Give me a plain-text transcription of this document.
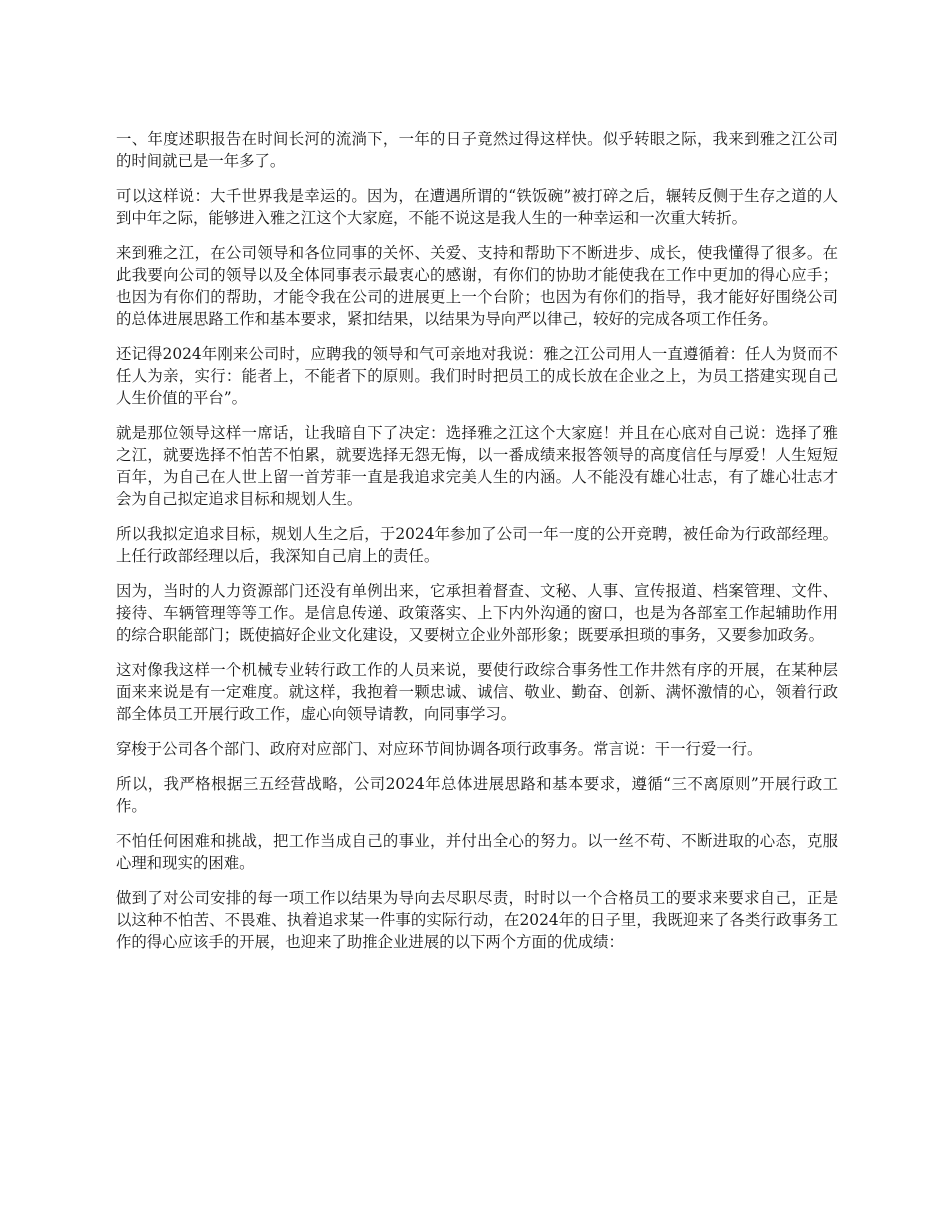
一、年度述职报告在时间长河的流淌下，一年的日子竟然过得这样快。似乎转眼之际，我来到雅之江公司的时间就已是一年多了。

可以这样说：大千世界我是幸运的。因为，在遭遇所谓的“铁饭碗”被打碎之后，辗转反侧于生存之道的人到中年之际，能够进入雅之江这个大家庭，不能不说这是我人生的一种幸运和一次重大转折。

来到雅之江，在公司领导和各位同事的关怀、关爱、支持和帮助下不断进步、成长，使我懂得了很多。在此我要向公司的领导以及全体同事表示最衷心的感谢，有你们的协助才能使我在工作中更加的得心应手；也因为有你们的帮助，才能令我在公司的进展更上一个台阶；也因为有你们的指导，我才能好好围绕公司的总体进展思路工作和基本要求，紧扣结果，以结果为导向严以律己，较好的完成各项工作任务。

还记得2024年刚来公司时，应聘我的领导和气可亲地对我说：雅之江公司用人一直遵循着：任人为贤而不任人为亲，实行：能者上，不能者下的原则。我们时时把员工的成长放在企业之上，为员工搭建实现自己人生价值的平台”。

就是那位领导这样一席话，让我暗自下了决定：选择雅之江这个大家庭！并且在心底对自己说：选择了雅之江，就要选择不怕苦不怕累，就要选择无怨无悔，以一番成绩来报答领导的高度信任与厚爱！人生短短百年，为自己在人世上留一首芳菲一直是我追求完美人生的内涵。人不能没有雄心壮志，有了雄心壮志才会为自己拟定追求目标和规划人生。

所以我拟定追求目标，规划人生之后，于2024年参加了公司一年一度的公开竞聘，被任命为行政部经理。上任行政部经理以后，我深知自己肩上的责任。

因为，当时的人力资源部门还没有单例出来，它承担着督查、文秘、人事、宣传报道、档案管理、文件、接待、车辆管理等等工作。是信息传递、政策落实、上下内外沟通的窗口，也是为各部室工作起辅助作用的综合职能部门；既使搞好企业文化建设，又要树立企业外部形象；既要承担琐的事务，又要参加政务。

这对像我这样一个机械专业转行政工作的人员来说，要使行政综合事务性工作井然有序的开展，在某种层面来来说是有一定难度。就这样，我抱着一颗忠诚、诚信、敬业、勤奋、创新、满怀激情的心，领着行政部全体员工开展行政工作，虚心向领导请教，向同事学习。

穿梭于公司各个部门、政府对应部门、对应环节间协调各项行政事务。常言说：干一行爱一行。

所以，我严格根据三五经营战略，公司2024年总体进展思路和基本要求，遵循“三不离原则”开展行政工作。

不怕任何困难和挑战，把工作当成自己的事业，并付出全心的努力。以一丝不苟、不断进取的心态，克服心理和现实的困难。

做到了对公司安排的每一项工作以结果为导向去尽职尽责，时时以一个合格员工的要求来要求自己，正是以这种不怕苦、不畏难、执着追求某一件事的实际行动，在2024年的日子里，我既迎来了各类行政事务工作的得心应该手的开展，也迎来了助推企业进展的以下两个方面的优成绩：
